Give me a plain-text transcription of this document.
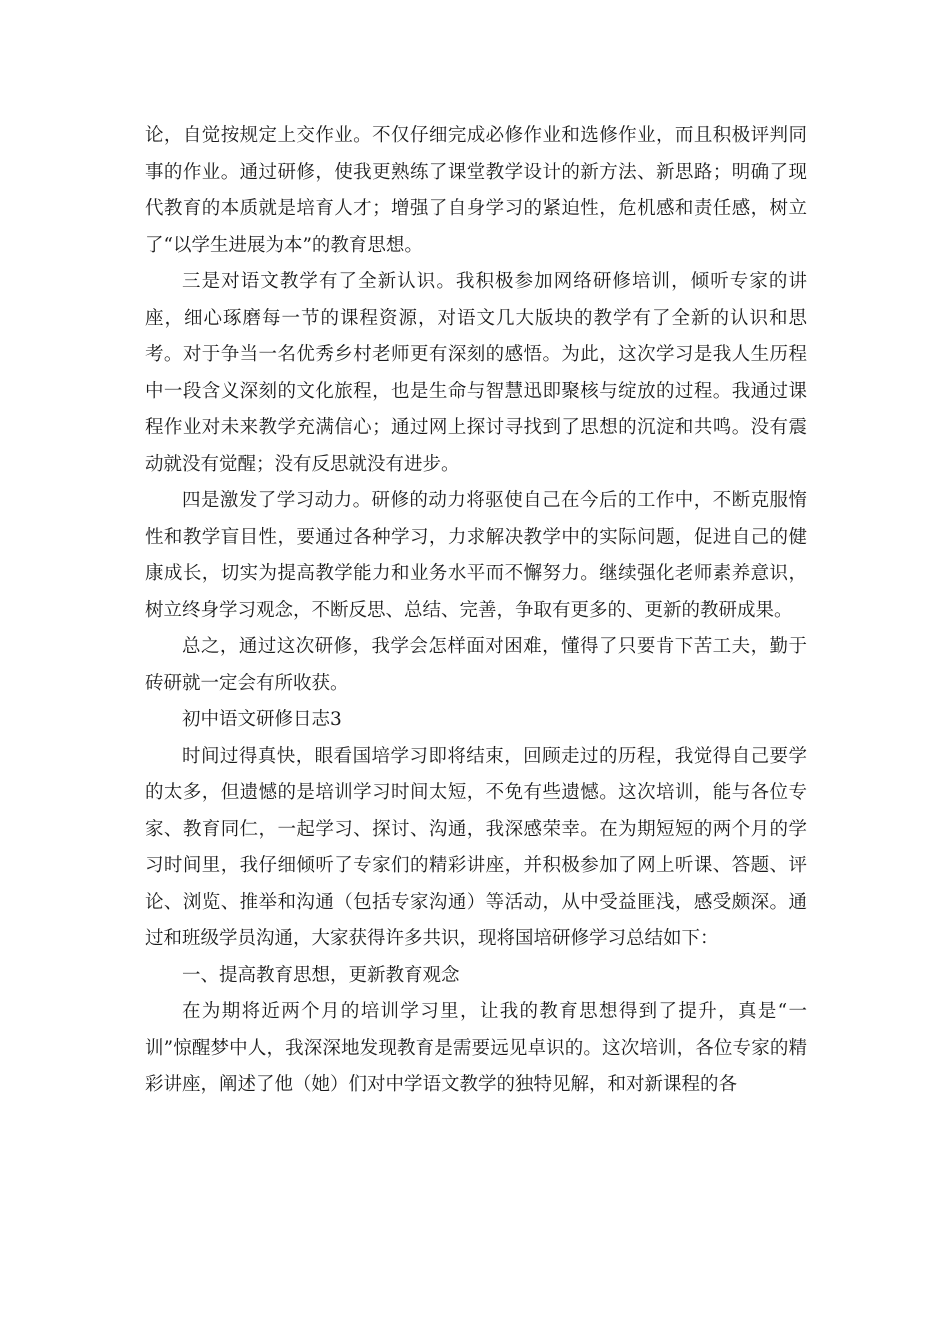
论，自觉按规定上交作业。不仅仔细完成必修作业和选修作业，而且积极评判同事的作业。通过研修，使我更熟练了课堂教学设计的新方法、新思路；明确了现代教育的本质就是培育人才；增强了自身学习的紧迫性，危机感和责任感，树立了“以学生进展为本”的教育思想。

三是对语文教学有了全新认识。我积极参加网络研修培训，倾听专家的讲座，细心琢磨每一节的课程资源，对语文几大版块的教学有了全新的认识和思考。对于争当一名优秀乡村老师更有深刻的感悟。为此，这次学习是我人生历程中一段含义深刻的文化旅程，也是生命与智慧迅即聚核与绽放的过程。我通过课程作业对未来教学充满信心；通过网上探讨寻找到了思想的沉淀和共鸣。没有震动就没有觉醒；没有反思就没有进步。

四是激发了学习动力。研修的动力将驱使自己在今后的工作中，不断克服惰性和教学盲目性，要通过各种学习，力求解决教学中的实际问题，促进自己的健康成长，切实为提高教学能力和业务水平而不懈努力。继续强化老师素养意识，树立终身学习观念，不断反思、总结、完善，争取有更多的、更新的教研成果。

总之，通过这次研修，我学会怎样面对困难，懂得了只要肯下苦工夫，勤于砖研就一定会有所收获。

初中语文研修日志3

时间过得真快，眼看国培学习即将结束，回顾走过的历程，我觉得自己要学的太多，但遗憾的是培训学习时间太短，不免有些遗憾。这次培训，能与各位专家、教育同仁，一起学习、探讨、沟通，我深感荣幸。在为期短短的两个月的学习时间里，我仔细倾听了专家们的精彩讲座，并积极参加了网上听课、答题、评论、浏览、推举和沟通（包括专家沟通）等活动，从中受益匪浅，感受颇深。通过和班级学员沟通，大家获得许多共识，现将国培研修学习总结如下：

一、提高教育思想，更新教育观念

在为期将近两个月的培训学习里，让我的教育思想得到了提升，真是“一训”惊醒梦中人，我深深地发现教育是需要远见卓识的。这次培训，各位专家的精彩讲座，阐述了他（她）们对中学语文教学的独特见解，和对新课程的各
